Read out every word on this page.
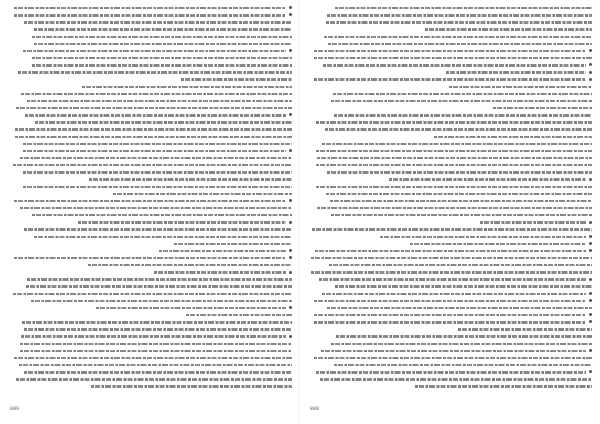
889	888
